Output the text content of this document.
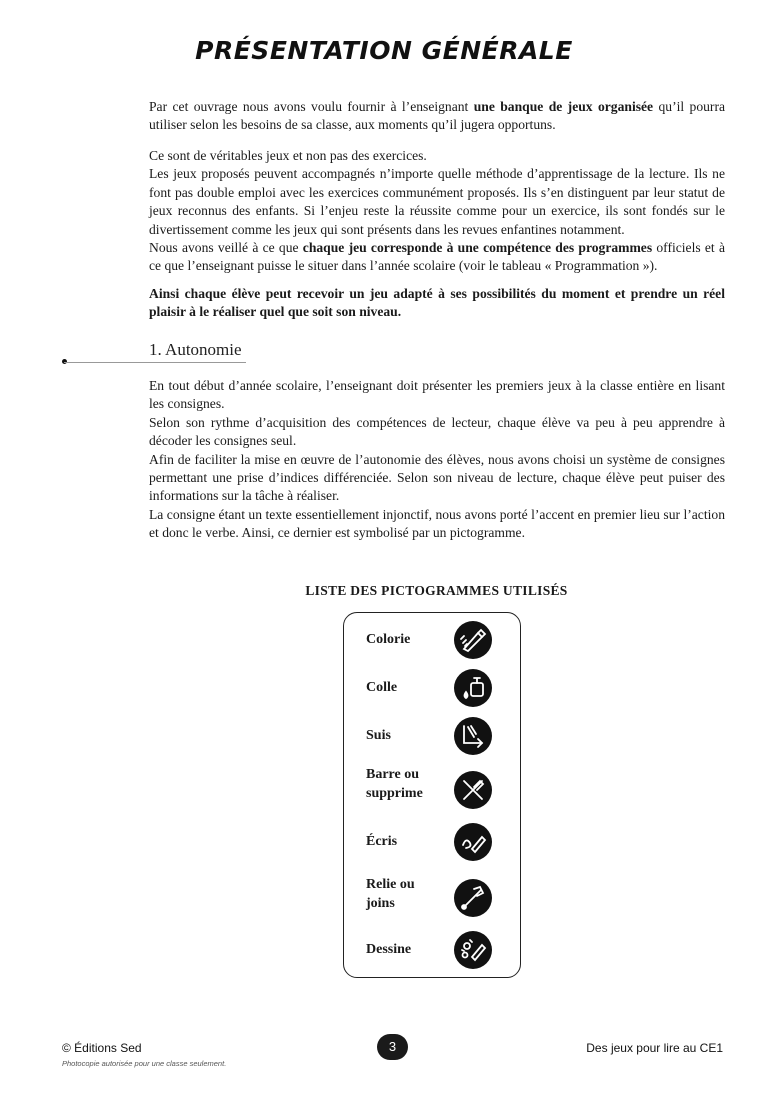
PRÉSENTATION GÉNÉRALE

Par cet ouvrage nous avons voulu fournir à l’enseignant une banque de jeux organisée qu’il pourra utiliser selon les besoins de sa classe, aux moments qu’il jugera opportuns.

Ce sont de véritables jeux et non pas des exercices.

Les jeux proposés peuvent accompagnés n’importe quelle méthode d’apprentissage de la lecture. Ils ne font pas double emploi avec les exercices communément proposés. Ils s’en distinguent par leur statut de jeux reconnus des enfants. Si l’enjeu reste la réussite comme pour un exercice, ils sont fondés sur le divertissement comme les jeux qui sont présents dans les revues enfantines notamment.

Nous avons veillé à ce que chaque jeu corresponde à une compétence des programmes officiels et à ce que l’enseignant puisse le situer dans l’année scolaire (voir le tableau « Programmation »).

Ainsi chaque élève peut recevoir un jeu adapté à ses possibilités du moment et prendre un réel plaisir à le réaliser quel que soit son niveau.
1. Autonomie

En tout début d’année scolaire, l’enseignant doit présenter les premiers jeux à la classe entière en lisant les consignes.

Selon son rythme d’acquisition des compétences de lecteur, chaque élève va peu à peu apprendre à décoder les consignes seul.

Afin de faciliter la mise en œuvre de l’autonomie des élèves, nous avons choisi un système de consignes permettant une prise d’indices différenciée. Selon son niveau de lecture, chaque élève peut puiser des informations sur la tâche à réaliser.

La consigne étant un texte essentiellement injonctif, nous avons porté l’accent en premier lieu sur l’action et donc le verbe. Ainsi, ce dernier est symbolisé par un pictogramme.

LISTE DES PICTOGRAMMES UTILISÉS
Colorie
Colle
Suis
Barre ou supprime
Écris
Relie ou joins
Dessine
© Éditions Sed
Photocopie autorisée pour une classe seulement.
3	Des jeux pour lire au CE1
